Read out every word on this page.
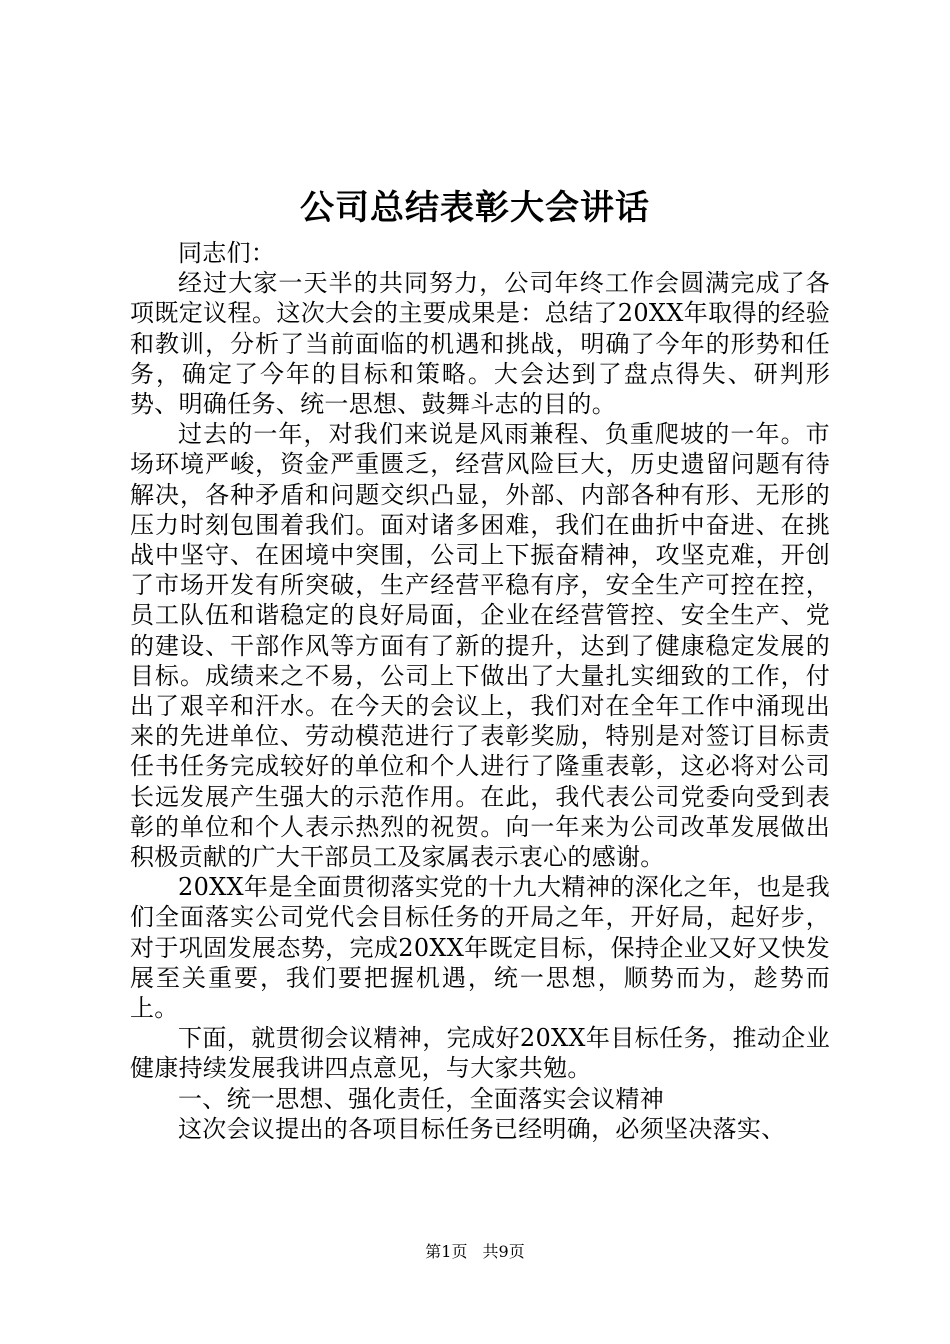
公司总结表彰大会讲话

同志们：

经过大家一天半的共同努力，公司年终工作会圆满完成了各项既定议程。这次大会的主要成果是：总结了20XX年取得的经验和教训，分析了当前面临的机遇和挑战，明确了今年的形势和任务，确定了今年的目标和策略。大会达到了盘点得失、研判形势、明确任务、统一思想、鼓舞斗志的目的。

过去的一年，对我们来说是风雨兼程、负重爬坡的一年。市场环境严峻，资金严重匮乏，经营风险巨大，历史遗留问题有待解决，各种矛盾和问题交织凸显，外部、内部各种有形、无形的压力时刻包围着我们。面对诸多困难，我们在曲折中奋进、在挑战中坚守、在困境中突围，公司上下振奋精神，攻坚克难，开创了市场开发有所突破，生产经营平稳有序，安全生产可控在控，员工队伍和谐稳定的良好局面，企业在经营管控、安全生产、党的建设、干部作风等方面有了新的提升，达到了健康稳定发展的目标。成绩来之不易，公司上下做出了大量扎实细致的工作，付出了艰辛和汗水。在今天的会议上，我们对在全年工作中涌现出来的先进单位、劳动模范进行了表彰奖励，特别是对签订目标责任书任务完成较好的单位和个人进行了隆重表彰，这必将对公司长远发展产生强大的示范作用。在此，我代表公司党委向受到表彰的单位和个人表示热烈的祝贺。向一年来为公司改革发展做出积极贡献的广大干部员工及家属表示衷心的感谢。

20XX年是全面贯彻落实党的十九大精神的深化之年，也是我们全面落实公司党代会目标任务的开局之年，开好局，起好步，对于巩固发展态势，完成20XX年既定目标，保持企业又好又快发展至关重要，我们要把握机遇，统一思想，顺势而为，趁势而上。

下面，就贯彻会议精神，完成好20XX年目标任务，推动企业健康持续发展我讲四点意见，与大家共勉。

一、统一思想、强化责任，全面落实会议精神

这次会议提出的各项目标任务已经明确，必须坚决落实、

第1页 共9页
